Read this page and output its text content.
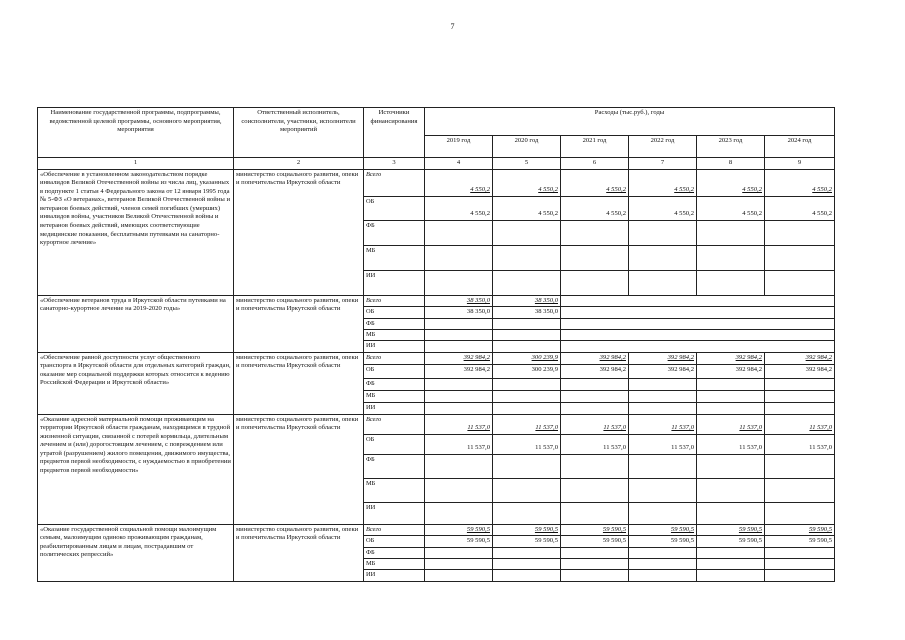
7
Наименование государственной программы, подпрограммы, ведомственной целевой программы, основного мероприятия, мероприятия	Ответственный исполнитель, соисполнители, участники, исполнители мероприятий	Источники финансирования	Расходы (тыс.руб.), годы					
			2019 год	2020 год	2021 год	2022 год	2023 год	2024 год
1	2	3	4	5	6	7	8	9
«Обеспечение в установленном законодательством порядке инвалидов Великой Отечественной войны из числа лиц, указанных в подпункте 1 статьи 4 Федерального закона от 12 января 1995 года № 5-ФЗ «О ветеранах», ветеранов Великой Отечественной войны и ветеранов боевых действий, членов семей погибших (умерших) инвалидов войны, участников Великой Отечественной войны и ветеранов боевых действий, имеющих соответствующие медицинские показания, бесплатными путевками на санаторно-курортное лечение»	министерство социального развития, опеки и попечительства Иркутской области	Всего	4 550,2	4 550,2	4 550,2	4 550,2	4 550,2	4 550,2
		ОБ	4 550,2	4 550,2	4 550,2	4 550,2	4 550,2	4 550,2
		ФБ						
		МБ						
		ИИ						
«Обеспечение ветеранов труда в Иркутской области путевками на санаторно-курортное лечение на 2019-2020 годы»	министерство социального развития, опеки и попечительства Иркутской области	Всего	38 350,0	38 350,0				
		ОБ	38 350,0	38 350,0				
		ФБ						
		МБ						
		ИИ						
«Обеспечение равной доступности услуг общественного транспорта в Иркутской области для отдельных категорий граждан, оказание мер социальной поддержки которых относится к ведению Российской Федерации и Иркутской области»	министерство социального развития, опеки и попечительства Иркутской области	Всего	392 984,2	300 239,9	392 984,2	392 984,2	392 984,2	392 984,2
		ОБ	392 984,2	300 239,9	392 984,2	392 984,2	392 984,2	392 984,2
		ФБ						
		МБ						
		ИИ						
«Оказание адресной материальной помощи проживающим на территории Иркутской области гражданам, находящимся в трудной жизненной ситуации, связанной с потерей кормильца, длительным лечением и (или) дорогостоящим лечением, с повреждением или утратой (разрушением) жилого помещения, движимого имущества, предметов первой необходимости, с нуждаемостью в приобретении предметов первой необходимости»	министерство социального развития, опеки и попечительства Иркутской области	Всего	11 537,0	11 537,0	11 537,0	11 537,0	11 537,0	11 537,0
		ОБ	11 537,0	11 537,0	11 537,0	11 537,0	11 537,0	11 537,0
		ФБ						
		МБ						
		ИИ						
«Оказание государственной социальной помощи малоимущим семьям, малоимущим одиноко проживающим гражданам, реабилитированным лицам и лицам, пострадавшим от политических репрессий»	министерство социального развития, опеки и попечительства Иркутской области	Всего	59 590,5	59 590,5	59 590,5	59 590,5	59 590,5	59 590,5
		ОБ	59 590,5	59 590,5	59 590,5	59 590,5	59 590,5	59 590,5
		ФБ						
		МБ						
		ИИ						
